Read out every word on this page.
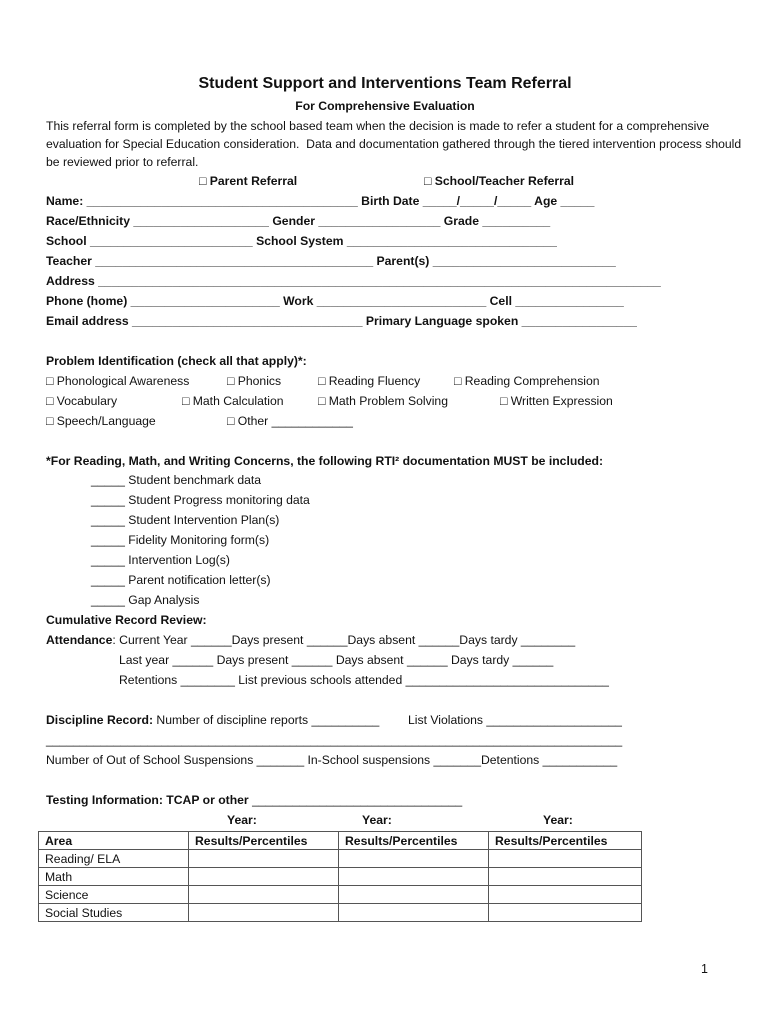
Student Support and Interventions Team Referral
For Comprehensive Evaluation
This referral form is completed by the school based team when the decision is made to refer a student for a comprehensive
evaluation for Special Education consideration.  Data and documentation gathered through the tiered intervention process should
be reviewed prior to referral.
□ Parent Referral	□ School/Teacher Referral
Name: ________________________________________ Birth Date _____/_____/_____ Age _____
Race/Ethnicity ____________________ Gender __________________ Grade __________
School ________________________ School System _______________________________
Teacher _________________________________________ Parent(s) ___________________________
Address ___________________________________________________________________________________
Phone (home) ______________________ Work _________________________ Cell ________________
Email address __________________________________ Primary Language spoken _________________
Problem Identification (check all that apply)*:
□ Phonological Awareness	□ Phonics	□ Reading Fluency	□ Reading Comprehension
□ Vocabulary	□ Math Calculation	□ Math Problem Solving	□ Written Expression
□ Speech/Language	□ Other ____________
*For Reading, Math, and Writing Concerns, the following RTI² documentation MUST be included:
_____ Student benchmark data
_____ Student Progress monitoring data
_____ Student Intervention Plan(s)
_____ Fidelity Monitoring form(s)
_____ Intervention Log(s)
_____ Parent notification letter(s)
_____ Gap Analysis
Cumulative Record Review:
Attendance: Current Year ______Days present ______Days absent ______Days tardy ________
Last year ______ Days present ______ Days absent ______ Days tardy ______
Retentions ________ List previous schools attended ______________________________
Discipline Record: Number of discipline reports __________ List Violations ____________________
_____________________________________________________________________________________
Number of Out of School Suspensions _______ In-School suspensions _______Detentions ___________
Testing Information: TCAP or other _______________________________
Year:	Year:	Year:
Area	Results/Percentiles	Results/Percentiles	Results/Percentiles
Reading/ ELA			
Math			
Science			
Social Studies			
1
